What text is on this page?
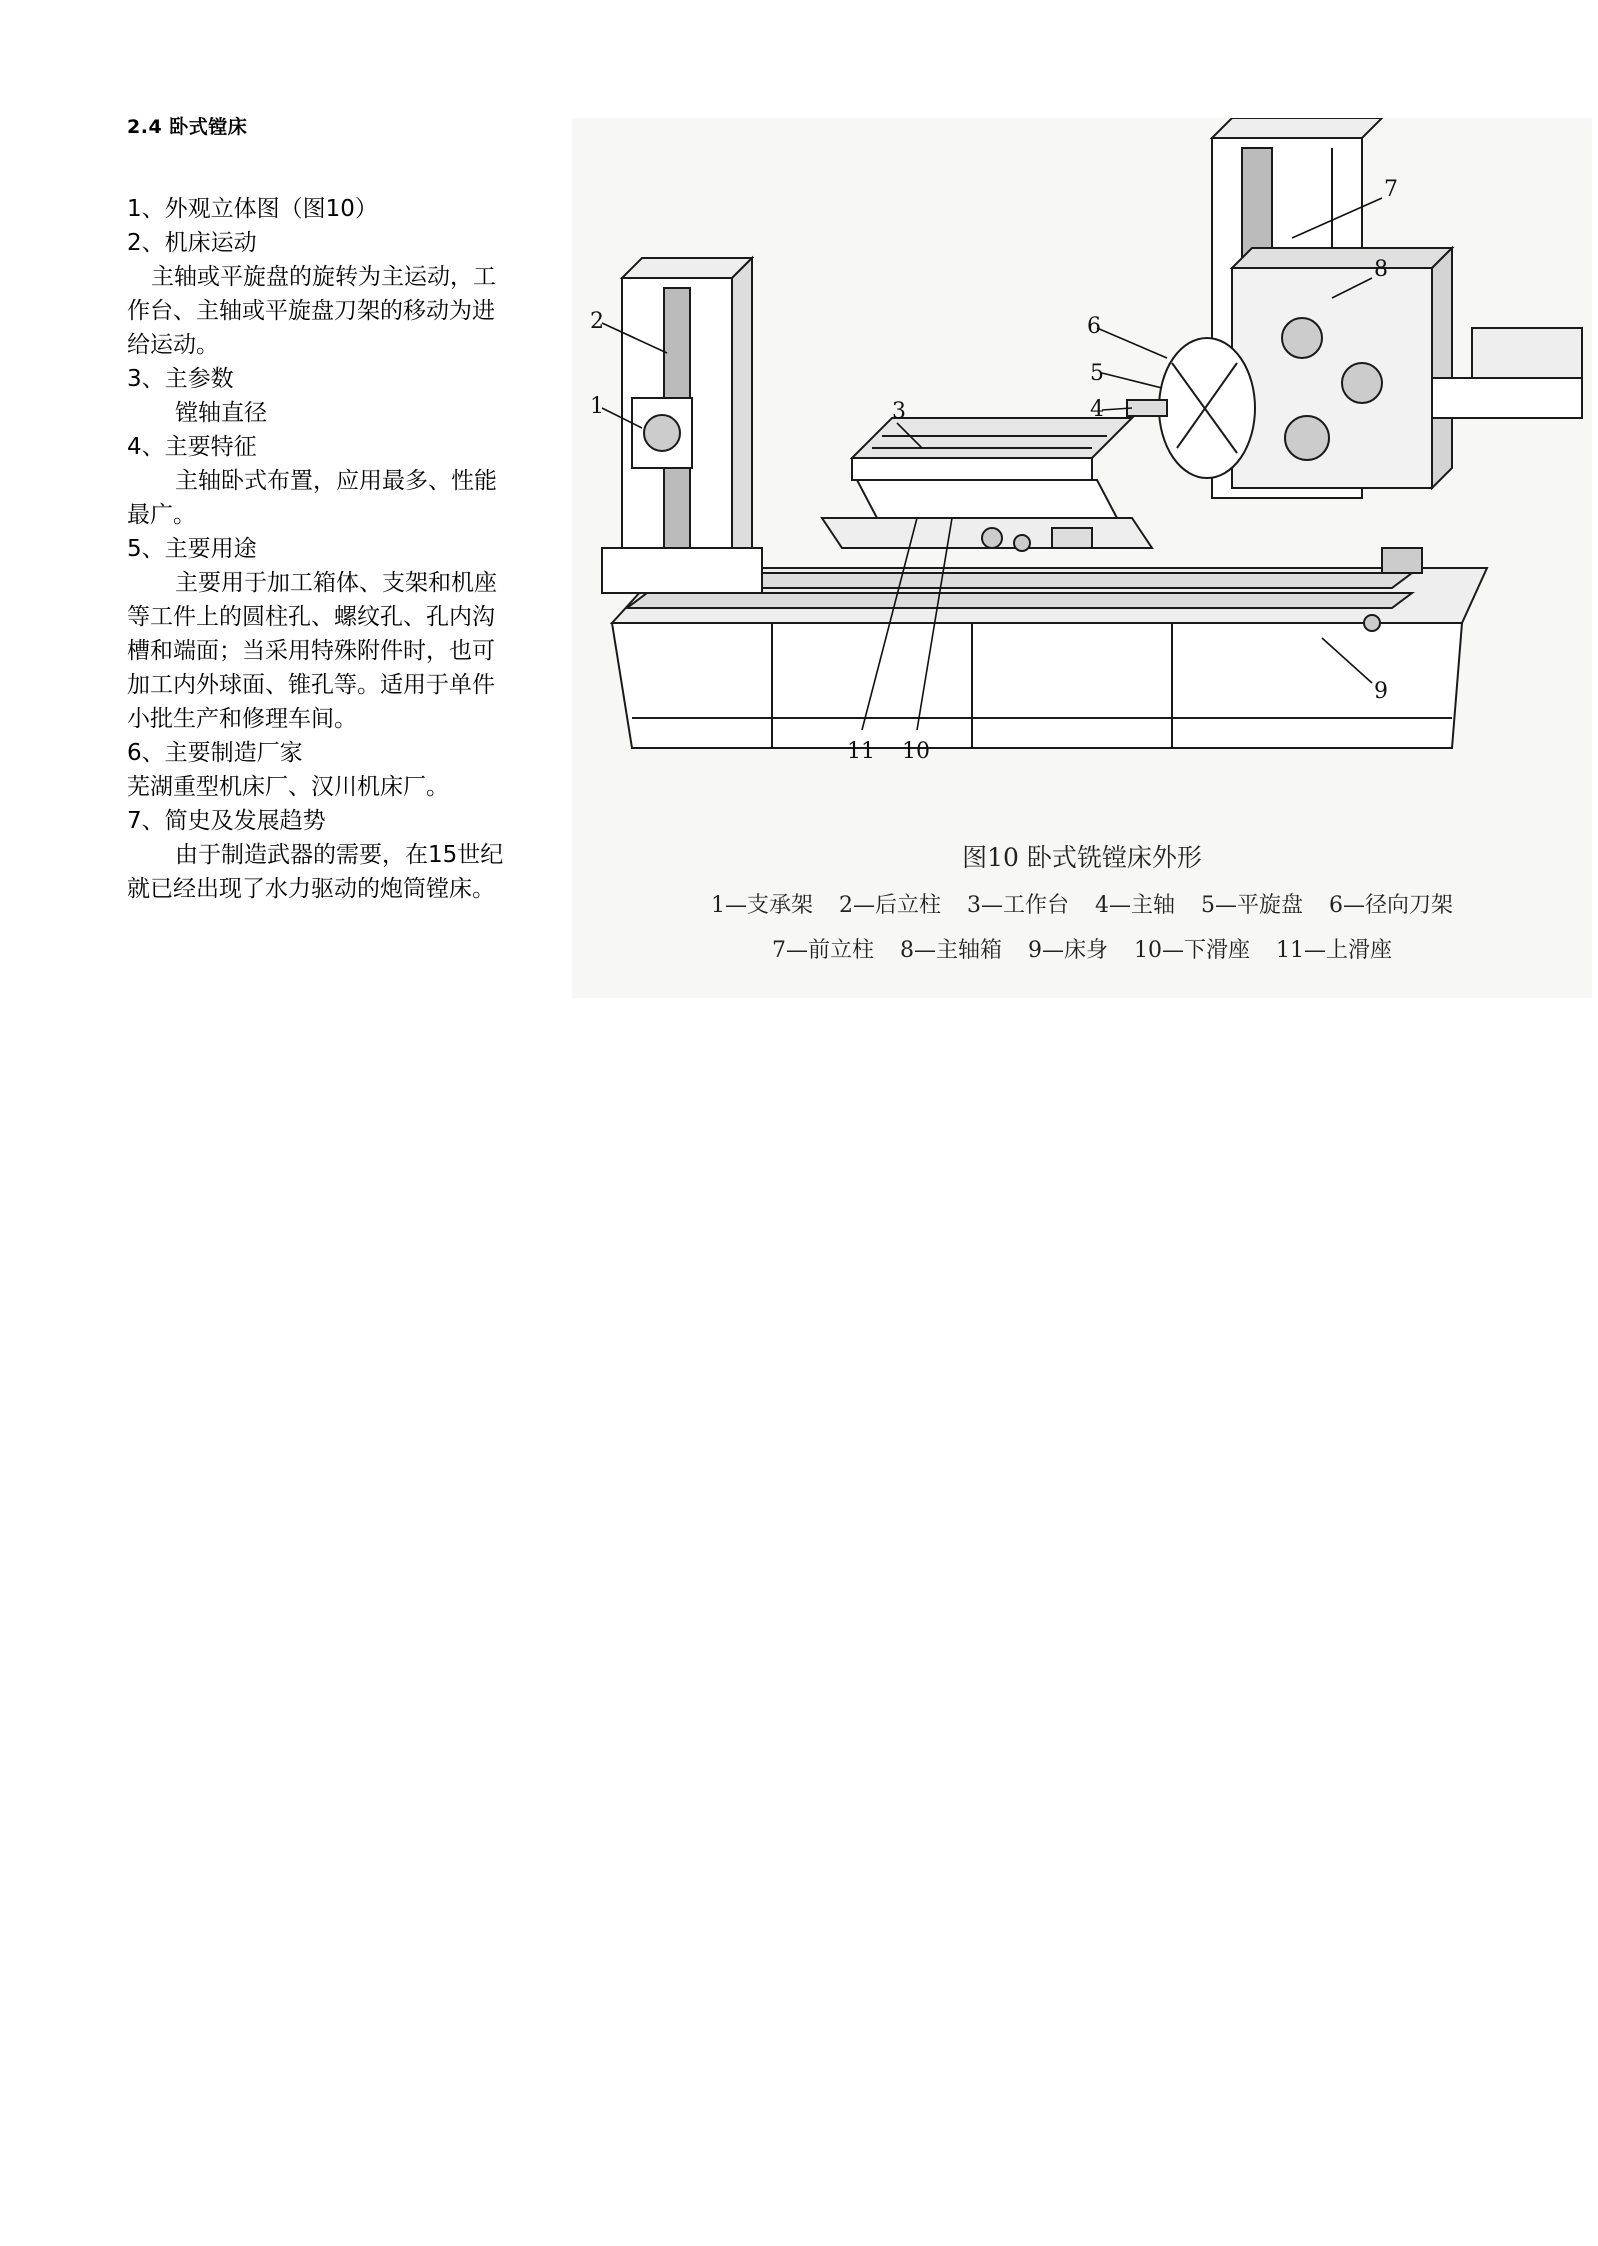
2.4 卧式镗床
1、外观立体图（图10）
2、机床运动
主轴或平旋盘的旋转为主运动，工
作台、主轴或平旋盘刀架的移动为进
给运动。
3、主参数
镗轴直径
4、主要特征
主轴卧式布置，应用最多、性能
最广。
5、主要用途
主要用于加工箱体、支架和机座
等工件上的圆柱孔、螺纹孔、孔内沟
槽和端面；当采用特殊附件时，也可
加工内外球面、锥孔等。适用于单件
小批生产和修理车间。
6、主要制造厂家
芜湖重型机床厂、汉川机床厂。
7、简史及发展趋势
由于制造武器的需要，在15世纪
就已经出现了水力驱动的炮筒镗床。
1
2
3	4
5
6
7
8
9
10
11
图10 卧式铣镗床外形
1—支承架 2—后立柱 3—工作台 4—主轴 5—平旋盘 6—径向刀架
7—前立柱 8—主轴箱 9—床身 10—下滑座 11—上滑座
